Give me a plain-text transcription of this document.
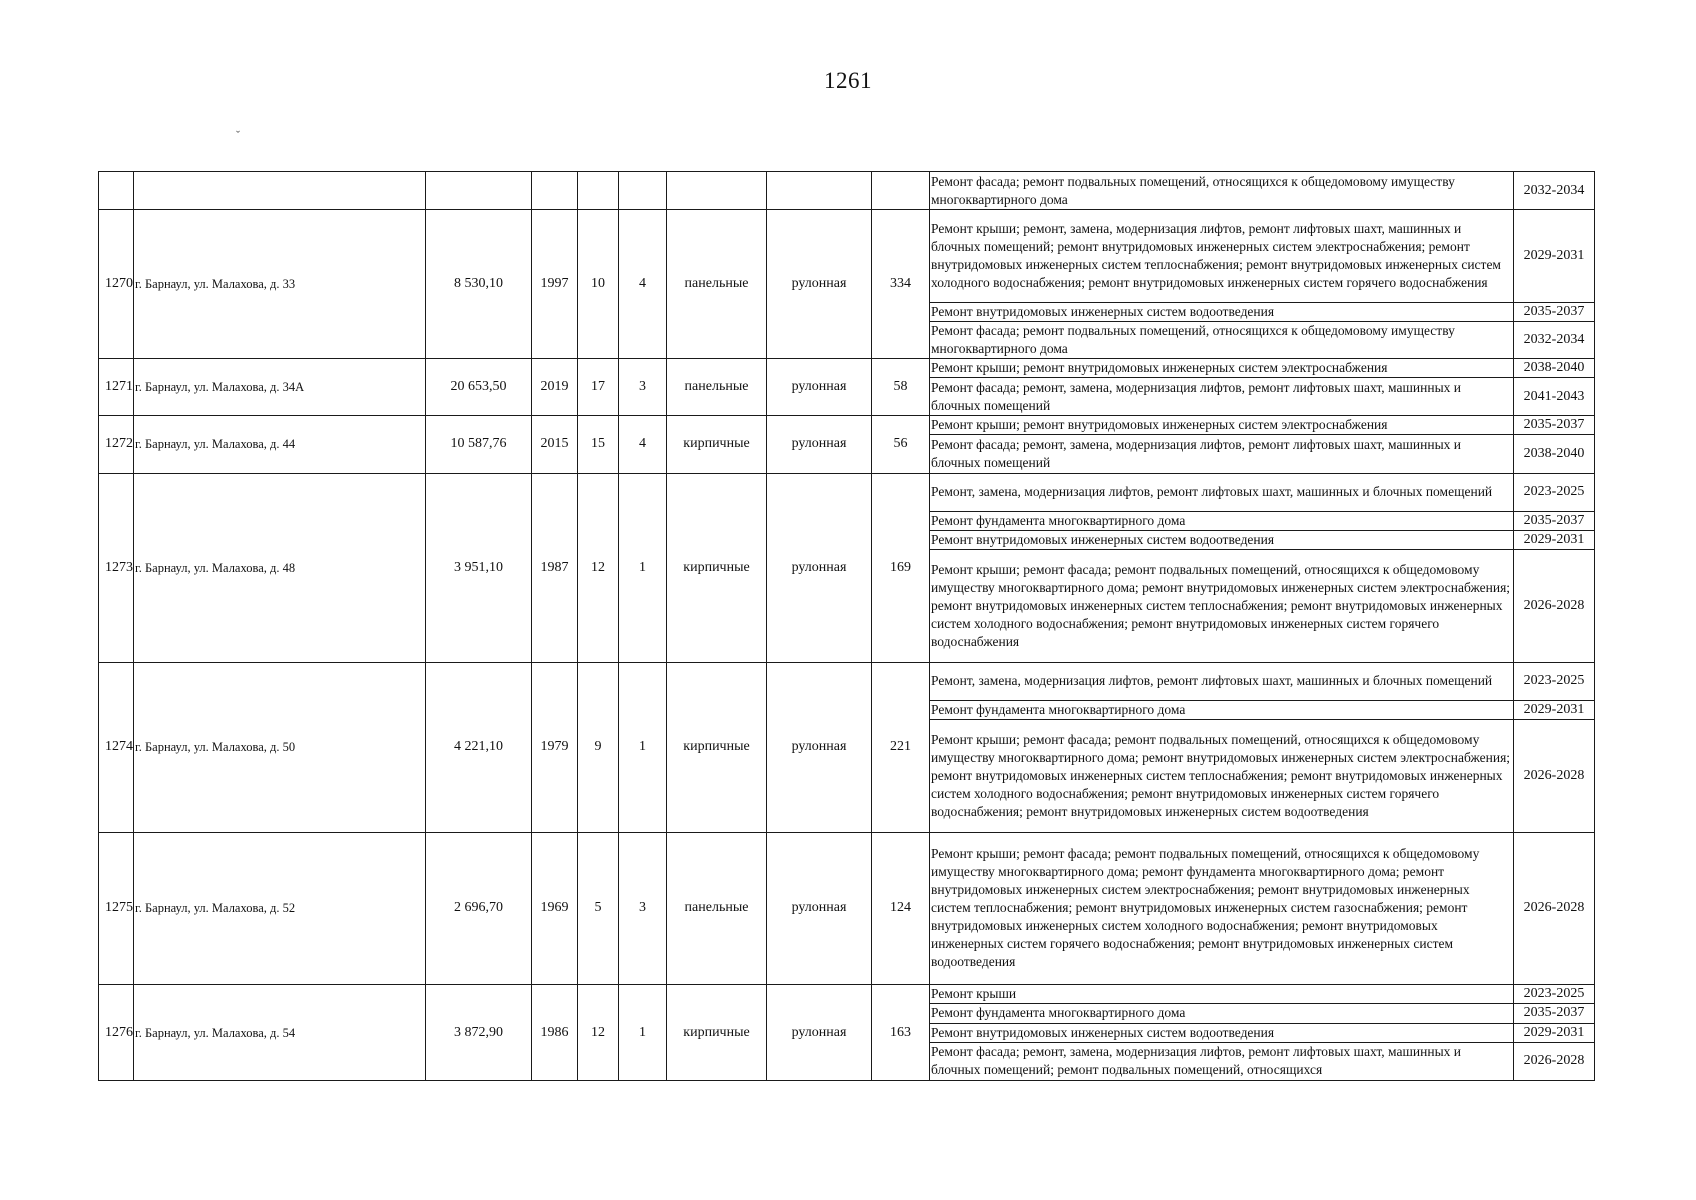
1261
ˇ
									Ремонт фасада; ремонт подвальных помещений, относящихся к общедомовому имуществу многоквартирного дома	2032-2034
1270	г. Барнаул, ул. Малахова, д. 33	8 530,10	1997	10	4	панельные	рулонная	334	Ремонт крыши; ремонт, замена, модернизация лифтов, ремонт лифтовых шахт, машинных и блочных помещений; ремонт внутридомовых инженерных систем электроснабжения; ремонт внутридомовых инженерных систем теплоснабжения; ремонт внутридомовых инженерных систем холодного водоснабжения; ремонт внутридомовых инженерных систем горячего водоснабжения	2029-2031
									Ремонт внутридомовых инженерных систем водоотведения	2035-2037
									Ремонт фасада; ремонт подвальных помещений, относящихся к общедомовому имуществу многоквартирного дома	2032-2034
1271	г. Барнаул, ул. Малахова, д. 34А	20 653,50	2019	17	3	панельные	рулонная	58	Ремонт крыши; ремонт внутридомовых инженерных систем электроснабжения	2038-2040
									Ремонт фасада; ремонт, замена, модернизация лифтов, ремонт лифтовых шахт, машинных и блочных помещений	2041-2043
1272	г. Барнаул, ул. Малахова, д. 44	10 587,76	2015	15	4	кирпичные	рулонная	56	Ремонт крыши; ремонт внутридомовых инженерных систем электроснабжения	2035-2037
									Ремонт фасада; ремонт, замена, модернизация лифтов, ремонт лифтовых шахт, машинных и блочных помещений	2038-2040
1273	г. Барнаул, ул. Малахова, д. 48	3 951,10	1987	12	1	кирпичные	рулонная	169	Ремонт, замена, модернизация лифтов, ремонт лифтовых шахт, машинных и блочных помещений	2023-2025
									Ремонт фундамента многоквартирного дома	2035-2037
									Ремонт внутридомовых инженерных систем водоотведения	2029-2031
									Ремонт крыши; ремонт фасада; ремонт подвальных помещений, относящихся к общедомовому имуществу многоквартирного дома; ремонт внутридомовых инженерных систем электроснабжения; ремонт внутридомовых инженерных систем теплоснабжения; ремонт внутридомовых инженерных систем холодного водоснабжения; ремонт внутридомовых инженерных систем горячего водоснабжения	2026-2028
1274	г. Барнаул, ул. Малахова, д. 50	4 221,10	1979	9	1	кирпичные	рулонная	221	Ремонт, замена, модернизация лифтов, ремонт лифтовых шахт, машинных и блочных помещений	2023-2025
									Ремонт фундамента многоквартирного дома	2029-2031
									Ремонт крыши; ремонт фасада; ремонт подвальных помещений, относящихся к общедомовому имуществу многоквартирного дома; ремонт внутридомовых инженерных систем электроснабжения; ремонт внутридомовых инженерных систем теплоснабжения; ремонт внутридомовых инженерных систем холодного водоснабжения; ремонт внутридомовых инженерных систем горячего водоснабжения; ремонт внутридомовых инженерных систем водоотведения	2026-2028
1275	г. Барнаул, ул. Малахова, д. 52	2 696,70	1969	5	3	панельные	рулонная	124	Ремонт крыши; ремонт фасада; ремонт подвальных помещений, относящихся к общедомовому имуществу многоквартирного дома; ремонт фундамента многоквартирного дома; ремонт внутридомовых инженерных систем электроснабжения; ремонт внутридомовых инженерных систем теплоснабжения; ремонт внутридомовых инженерных систем газоснабжения; ремонт внутридомовых инженерных систем холодного водоснабжения; ремонт внутридомовых инженерных систем горячего водоснабжения; ремонт внутридомовых инженерных систем водоотведения	2026-2028
1276	г. Барнаул, ул. Малахова, д. 54	3 872,90	1986	12	1	кирпичные	рулонная	163	Ремонт крыши	2023-2025
									Ремонт фундамента многоквартирного дома	2035-2037
									Ремонт внутридомовых инженерных систем водоотведения	2029-2031
									Ремонт фасада; ремонт, замена, модернизация лифтов, ремонт лифтовых шахт, машинных и блочных помещений; ремонт подвальных помещений, относящихся	2026-2028
